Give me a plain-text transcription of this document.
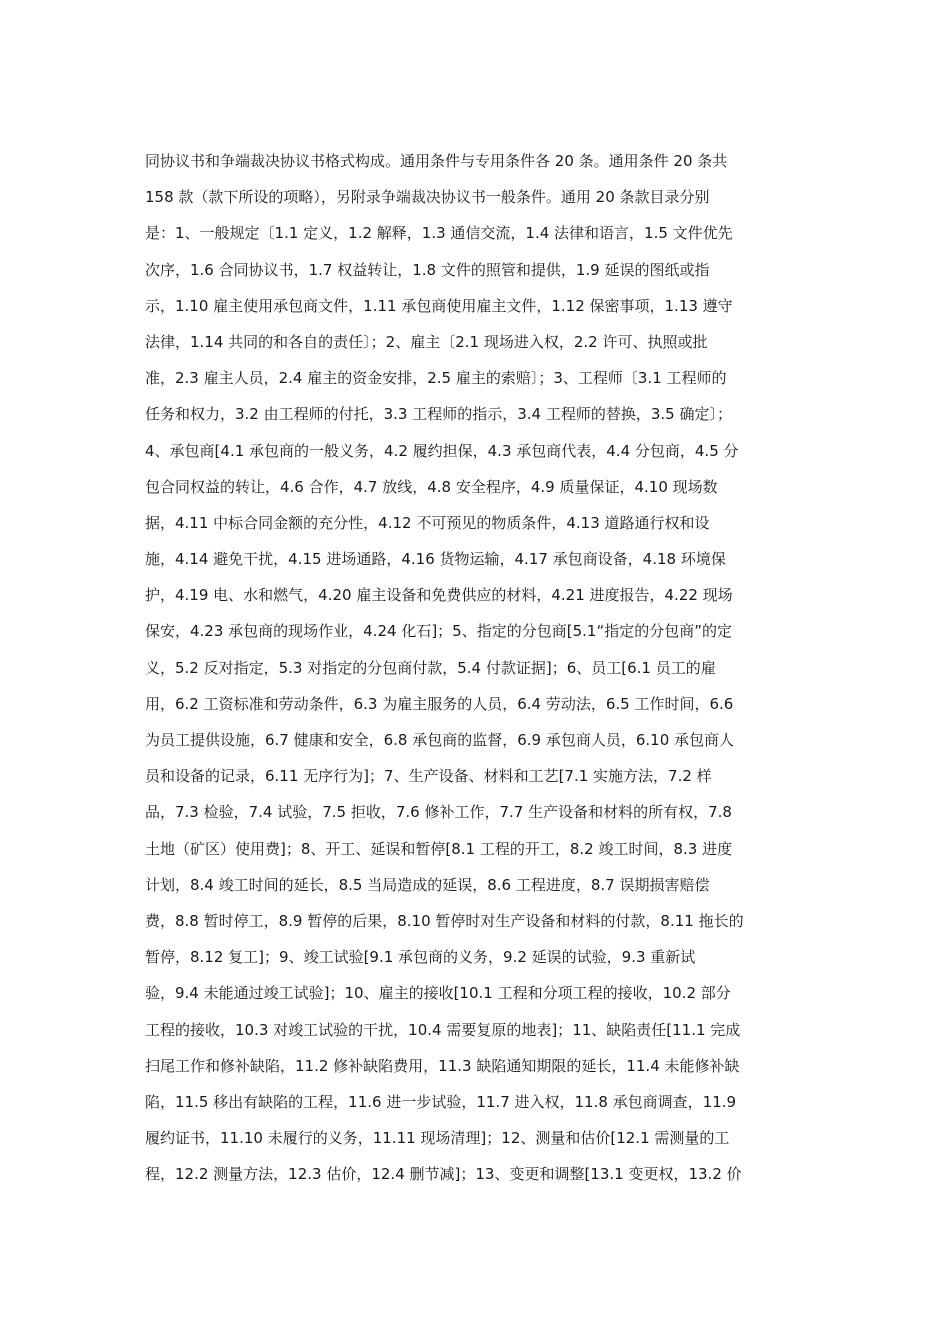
同协议书和争端裁决协议书格式构成。通用条件与专用条件各 20 条。通用条件 20 条共

158 款（款下所设的项略），另附录争端裁决协议书一般条件。通用 20 条款目录分别

是：1、一般规定〔1.1 定义，1.2 解释，1.3 通信交流，1.4 法律和语言，1.5 文件优先

次序，1.6 合同协议书，1.7 权益转让，1.8 文件的照管和提供，1.9 延误的图纸或指

示，1.10 雇主使用承包商文件，1.11 承包商使用雇主文件，1.12 保密事项，1.13 遵守

法律，1.14 共同的和各自的责任〕；2、雇主〔2.1 现场进入权，2.2 许可、执照或批

准，2.3 雇主人员，2.4 雇主的资金安排，2.5 雇主的索赔〕；3、工程师〔3.1 工程师的

任务和权力，3.2 由工程师的付托，3.3 工程师的指示，3.4 工程师的替换，3.5 确定〕；

4、承包商[4.1 承包商的一般义务，4.2 履约担保，4.3 承包商代表，4.4 分包商，4.5 分

包合同权益的转让，4.6 合作，4.7 放线，4.8 安全程序，4.9 质量保证，4.10 现场数

据，4.11 中标合同金额的充分性，4.12 不可预见的物质条件，4.13 道路通行权和设

施，4.14 避免干扰，4.15 进场通路，4.16 货物运输，4.17 承包商设备，4.18 环境保

护，4.19 电、水和燃气，4.20 雇主设备和免费供应的材料，4.21 进度报告，4.22 现场

保安，4.23 承包商的现场作业，4.24 化石]；5、指定的分包商[5.1“指定的分包商”的定

义，5.2 反对指定，5.3 对指定的分包商付款，5.4 付款证据]；6、员工[6.1 员工的雇

用，6.2 工资标准和劳动条件，6.3 为雇主服务的人员，6.4 劳动法，6.5 工作时间，6.6

为员工提供设施，6.7 健康和安全，6.8 承包商的监督，6.9 承包商人员，6.10 承包商人

员和设备的记录，6.11 无序行为]；7、生产设备、材料和工艺[7.1 实施方法，7.2 样

品，7.3 检验，7.4 试验，7.5 拒收，7.6 修补工作，7.7 生产设备和材料的所有权，7.8

土地（矿区）使用费]；8、开工、延误和暂停[8.1 工程的开工，8.2 竣工时间，8.3 进度

计划，8.4 竣工时间的延长，8.5 当局造成的延误，8.6 工程进度，8.7 误期损害赔偿

费，8.8 暂时停工，8.9 暂停的后果，8.10 暂停时对生产设备和材料的付款，8.11 拖长的

暂停，8.12 复工]；9、竣工试验[9.1 承包商的义务，9.2 延误的试验，9.3 重新试

验，9.4 未能通过竣工试验]；10、雇主的接收[10.1 工程和分项工程的接收，10.2 部分

工程的接收，10.3 对竣工试验的干扰，10.4 需要复原的地表]；11、缺陷责任[11.1 完成

扫尾工作和修补缺陷，11.2 修补缺陷费用，11.3 缺陷通知期限的延长，11.4 未能修补缺

陷，11.5 移出有缺陷的工程，11.6 进一步试验，11.7 进入权，11.8 承包商调查，11.9

履约证书，11.10 未履行的义务，11.11 现场清理]；12、测量和估价[12.1 需测量的工

程，12.2 测量方法，12.3 估价，12.4 删节减]；13、变更和调整[13.1 变更权，13.2 价
